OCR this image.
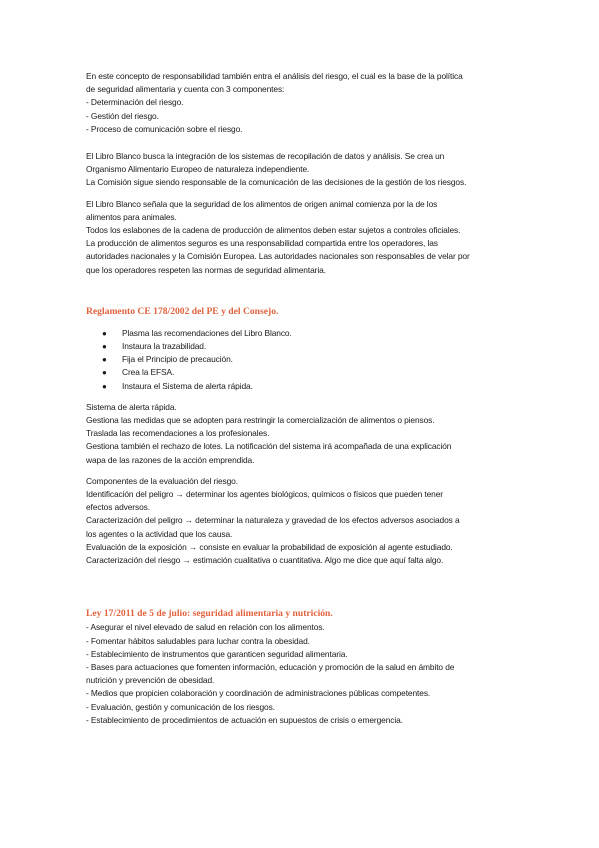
En este concepto de responsabilidad también entra el análisis del riesgo, el cual es la base de la política

de seguridad alimentaria y cuenta con 3 componentes:

- Determinación del riesgo.

- Gestión del riesgo.

- Proceso de comunicación sobre el riesgo.

El Libro Blanco busca la integración de los sistemas de recopilación de datos y análisis. Se crea un

Organismo Alimentario Europeo de naturaleza independiente.

La Comisión sigue siendo responsable de la comunicación de las decisiones de la gestión de los riesgos.

El Libro Blanco señala que la seguridad de los alimentos de origen animal comienza por la de los

alimentos para animales.

Todos los eslabones de la cadena de producción de alimentos deben estar sujetos a controles oficiales.

La producción de alimentos seguros es una responsabilidad compartida entre los operadores, las

autoridades nacionales y la Comisión Europea. Las autoridades nacionales son responsables de velar por

que los operadores respeten las normas de seguridad alimentaria.

Reglamento CE 178/2002 del PE y del Consejo.

● Plasma las recomendaciones del Libro Blanco.
● Instaura la trazabilidad.
● Fija el Principio de precaución.
● Crea la EFSA.
● Instaura el Sistema de alerta rápida.

Sistema de alerta rápida.

Gestiona las medidas que se adopten para restringir la comercialización de alimentos o piensos.

Traslada las recomendaciones a los profesionales.

Gestiona también el rechazo de lotes. La notificación del sistema irá acompañada de una explicación

wapa de las razones de la acción emprendida.

Componentes de la evaluación del riesgo.

Identificación del peligro → determinar los agentes biológicos, químicos o físicos que pueden tener

efectos adversos.

Caracterización del peligro → determinar la naturaleza y gravedad de los efectos adversos asociados a

los agentes o la actividad que los causa.

Evaluación de la exposición → consiste en evaluar la probabilidad de exposición al agente estudiado.

Caracterización del riesgo → estimación cualitativa o cuantitativa. Algo me dice que aquí falta algo.

Ley 17/2011 de 5 de julio: seguridad alimentaria y nutrición.

- Asegurar el nivel elevado de salud en relación con los alimentos.

- Fomentar hábitos saludables para luchar contra la obesidad.

- Establecimiento de instrumentos que garanticen seguridad alimentaria.

- Bases para actuaciones que fomenten información, educación y promoción de la salud en ámbito de

nutrición y prevención de obesidad.

- Medios que propicien colaboración y coordinación de administraciones públicas competentes.

- Evaluación, gestión y comunicación de los riesgos.

- Establecimiento de procedimientos de actuación en supuestos de crisis o emergencia.
